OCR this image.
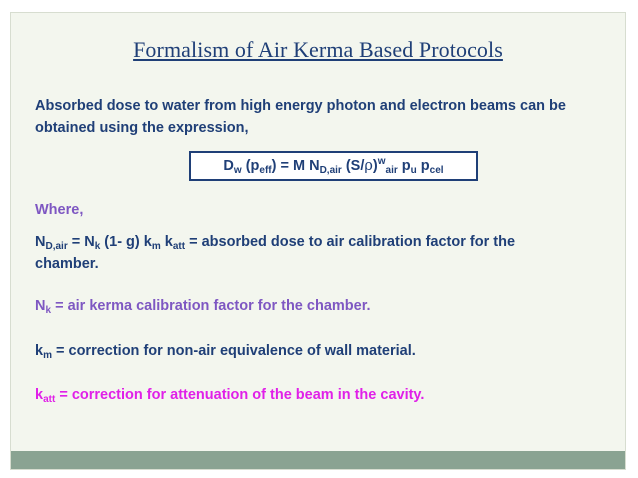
Formalism of Air Kerma Based Protocols
Absorbed dose to water from high energy photon and electron beams can be
obtained using the expression,
$D_w$ $(p_{eff}) = M$ $N_{D,air}$ $(S/\rho)^w_{air}$ $p_u$ $p_{cel}$
Where,
$N_{D,air} = N_k$ (1- g) $k_m$ $k_{att}$ = absorbed dose to air calibration factor for the
chamber.
$N_k$ = air kerma calibration factor for the chamber.
$k_m$ = correction for non-air equivalence of wall material.
$k_{att}$ = correction for attenuation of the beam in the cavity.
